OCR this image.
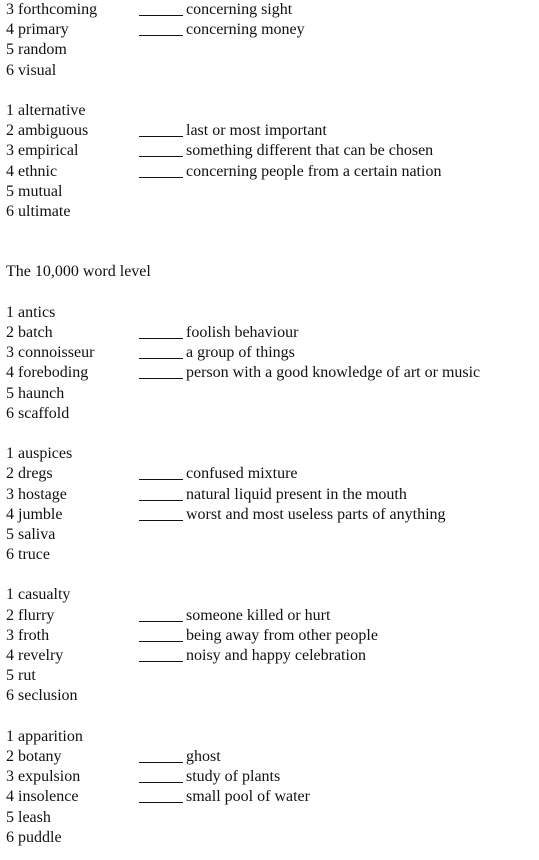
3 forthcoming	concerning sight
4 primary	concerning money
5 random
6 visual
1 alternative
2 ambiguous	last or most important
3 empirical	something different that can be chosen
4 ethnic	concerning people from a certain nation
5 mutual
6 ultimate
The 10,000 word level
1 antics
2 batch	foolish behaviour
3 connoisseur	a group of things
4 foreboding	person with a good knowledge of art or music
5 haunch
6 scaffold
1 auspices
2 dregs	confused mixture
3 hostage	natural liquid present in the mouth
4 jumble	worst and most useless parts of anything
5 saliva
6 truce
1 casualty
2 flurry	someone killed or hurt
3 froth	being away from other people
4 revelry	noisy and happy celebration
5 rut
6 seclusion
1 apparition
2 botany	ghost
3 expulsion	study of plants
4 insolence	small pool of water
5 leash
6 puddle
